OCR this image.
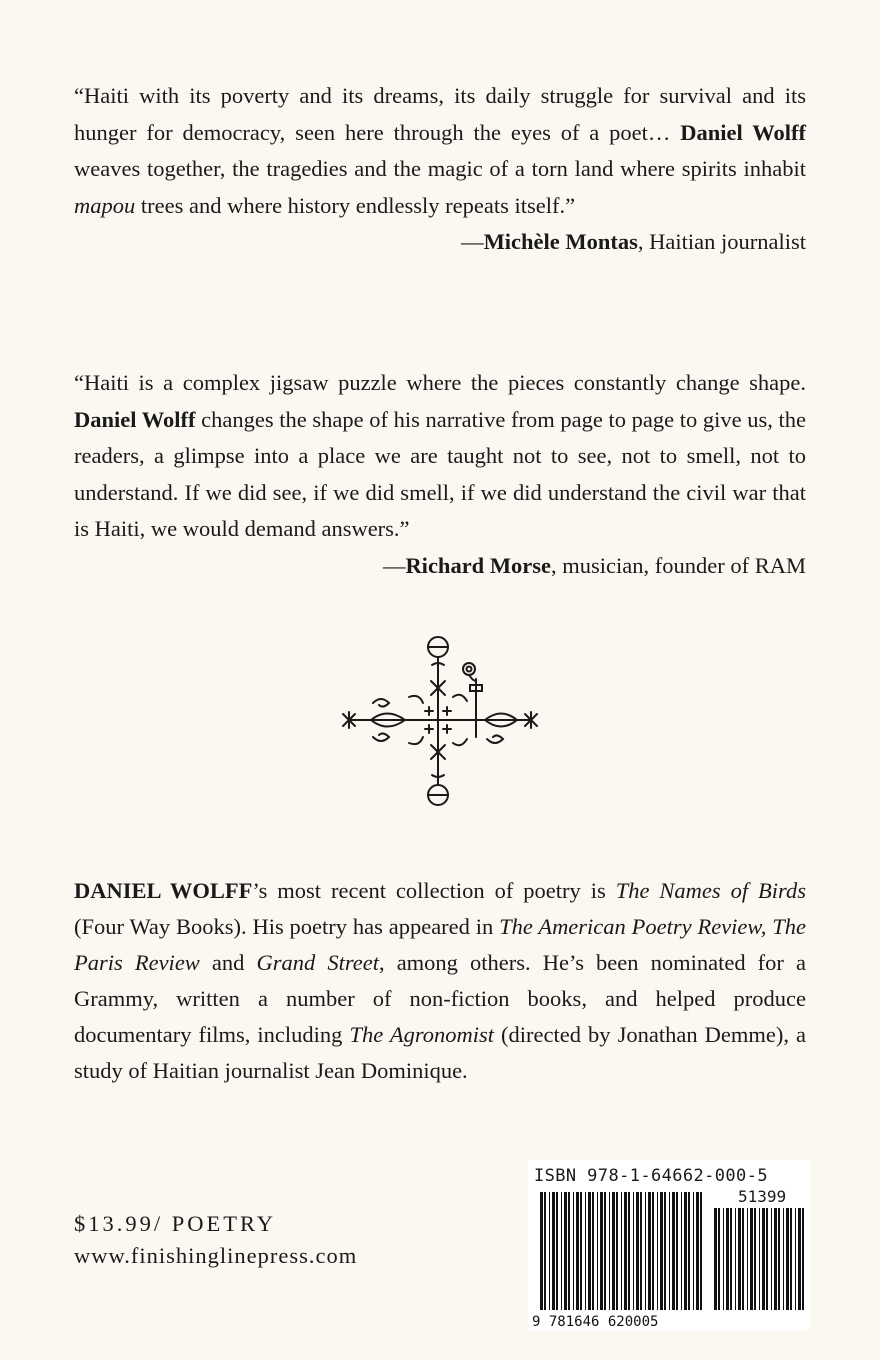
“Haiti with its poverty and its dreams, its daily struggle for survival and its hunger for democracy, seen here through the eyes of a poet… Daniel Wolff weaves together, the tragedies and the magic of a torn land where spirits inhabit mapou trees and where history endlessly repeats itself.”

—Michèle Montas, Haitian journalist

“Haiti is a complex jigsaw puzzle where the pieces constantly change shape. Daniel Wolff changes the shape of his narrative from page to page to give us, the readers, a glimpse into a place we are taught not to see, not to smell, not to understand. If we did see, if we did smell, if we did understand the civil war that is Haiti, we would demand answers.”

—Richard Morse, musician, founder of RAM

DANIEL WOLFF’s most recent collection of poetry is The Names of Birds (Four Way Books). His poetry has appeared in The American Poetry Review, The Paris Review and Grand Street, among others. He’s been nominated for a Grammy, written a number of non-fiction books, and helped produce documentary films, including The Agronomist (directed by Jonathan Demme), a study of Haitian journalist Jean Dominique.

$13.99/ POETRY
www.finishinglinepress.com
9 781646 620005
ISBN 978-1-64662-000-5
51399
